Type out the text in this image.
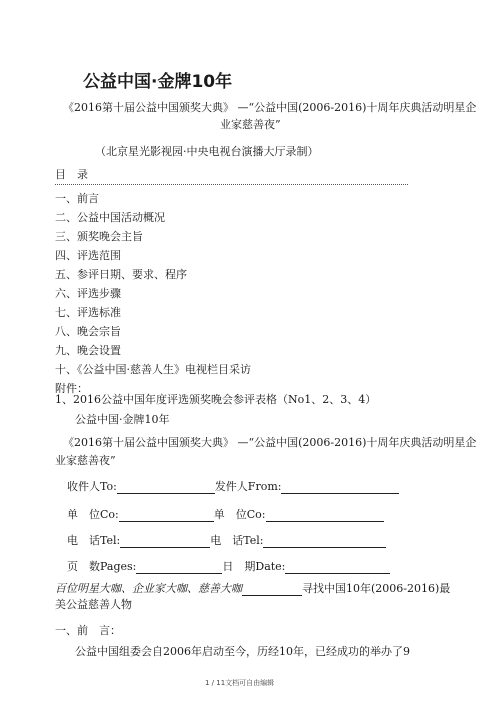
公益中国·金牌10年
《2016第十届公益中国颁奖大典》 —“公益中国(2006-2016)十周年庆典活动明星企
业家慈善夜”
（北京星光影视园·中央电视台演播大厅录制）
目　录
一、前言
二、公益中国活动概况
三、颁奖晚会主旨
四、评选范围
五、参评日期、要求、程序
六、评选步骤
七、评选标准
八、晚会宗旨
九、晚会设置
十、《公益中国·慈善人生》电视栏目采访
附件：
1、2016公益中国年度评选颁奖晚会参评表格（No1、2、3、4）
公益中国·金牌10年
《2016第十届公益中国颁奖大典》 —“公益中国(2006-2016)十周年庆典活动明星企
业家慈善夜”
收件人To:	发件人From:
单　位Co:	单　位Co:
电　话Tel:	电　话Tel:
页　数Pages:	日　期Date:
百位明星大咖、企业家大咖、慈善大咖	寻找中国10年(2006-2016)最
美公益慈善人物
一、前　言：
公益中国组委会自2006年启动至今，历经10年，已经成功的举办了9
1 / 11文档可自由编辑
